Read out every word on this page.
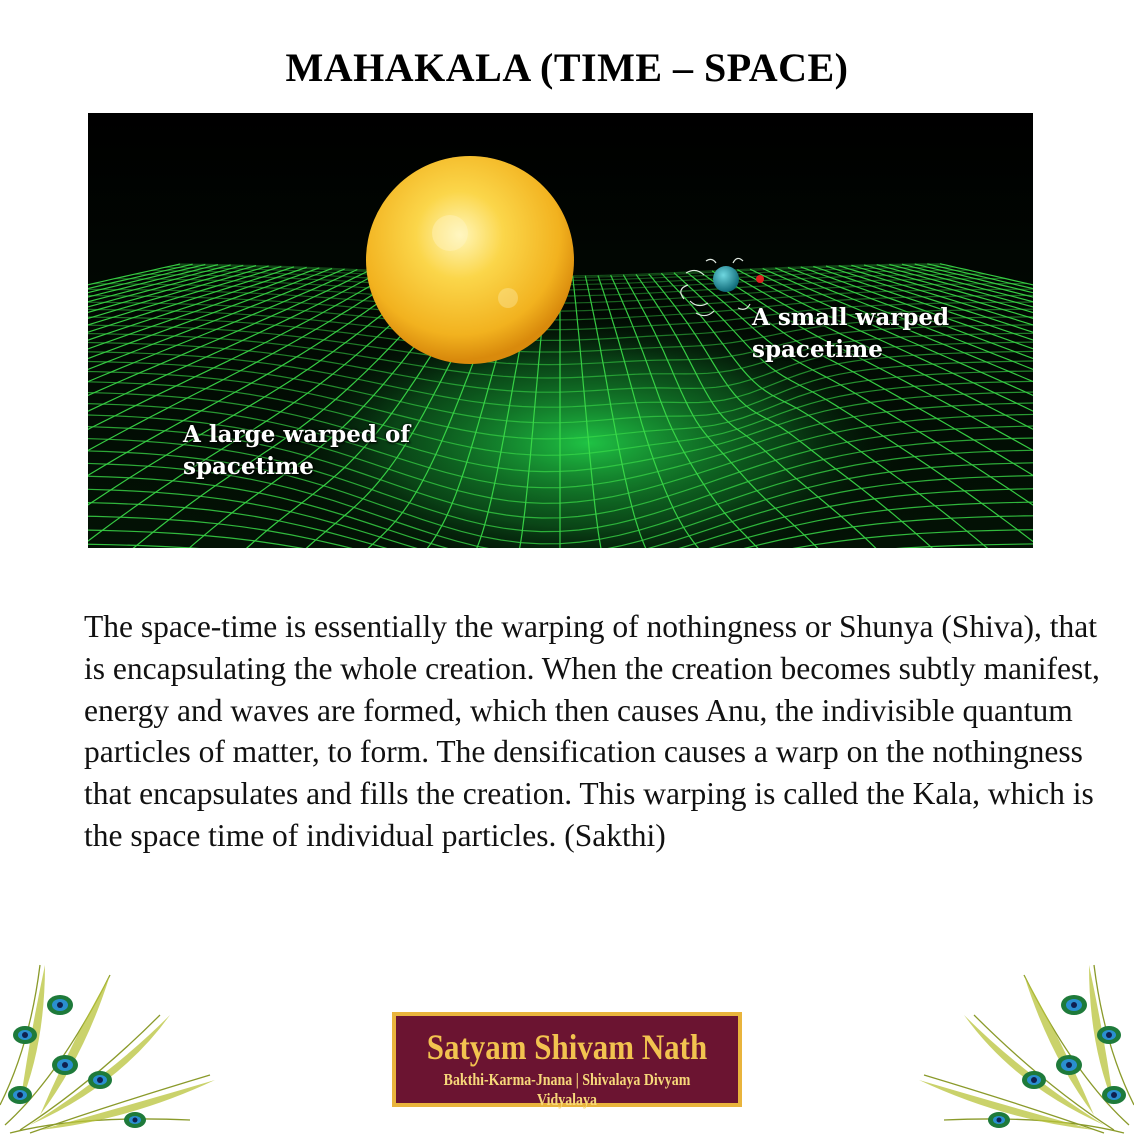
MAHAKALA (TIME – SPACE)
A small warped spacetime
A large warped of spacetime

The space-time is essentially the warping of nothingness or Shunya (Shiva), that is encapsulating the whole creation. When the creation becomes subtly manifest, energy and waves are formed, which then causes Anu, the indivisible quantum particles of matter, to form. The densification causes a warp on the nothingness that encapsulates and fills the creation. This warping is called the Kala, which is the space time of individual particles. (Sakthi)

Satyam Shivam Nath
Bakthi-Karma-Jnana | Shivalaya Divyam Vidyalaya
